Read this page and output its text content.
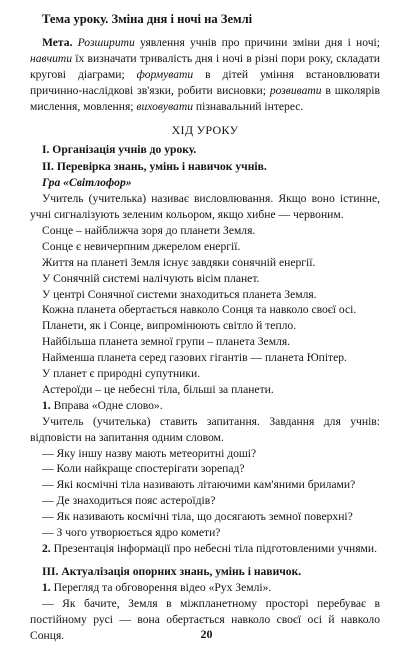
Тема уроку. Зміна дня і ночі на Землі

Мета. Розширити уявлення учнів про причини зміни дня і ночі; навчити їх визначати тривалість дня і ночі в різні пори року, складати кругові діаграми; формувати в дітей уміння встановлювати причинно-наслідкові зв'язки, робити висновки; розвивати в школярів мислення, мовлення; виховувати пізнавальний інтерес.

ХІД УРОКУ

I. Організація учнів до уроку.

II. Перевірка знань, умінь і навичок учнів.

Гра «Світлофор»

Учитель (учителька) називає висловлювання. Якщо воно істинне, учні сигналізують зеленим кольором, якщо хибне — червоним.

Сонце – найближча зоря до планети Земля.

Сонце є невичерпним джерелом енергії.

Життя на планеті Земля існує завдяки сонячній енергії.

У Сонячній системі налічують вісім планет.

У центрі Сонячної системи знаходиться планета Земля.

Кожна планета обертається навколо Сонця та навколо своєї осі.

Планети, як і Сонце, випромінюють світло й тепло.

Найбільша планета земної групи – планета Земля.

Найменша планета серед газових гігантів — планета Юпітер.

У планет є природні супутники.

Астероїди – це небесні тіла, більші за планети.

1. Вправа «Одне слово».

Учитель (учителька) ставить запитання. Завдання для учнів: відповісти на запитання одним словом.

— Яку іншу назву мають метеоритні доші?

— Коли найкраще спостерігати зорепад?

— Які космічні тіла називають літаючими кам'яними брилами?

— Де знаходиться пояс астероїдів?

— Як називають космічні тіла, що досягають земної поверхні?

— З чого утворюється ядро комети?

2. Презентація інформації про небесні тіла підготовленими учнями.

III. Актуалізація опорних знань, умінь і навичок.

1. Перегляд та обговорення відео «Рух Землі».

— Як бачите, Земля в міжпланетному просторі перебуває в постійному русі — вона обертається навколо своєї осі й навколо Сонця.	20
